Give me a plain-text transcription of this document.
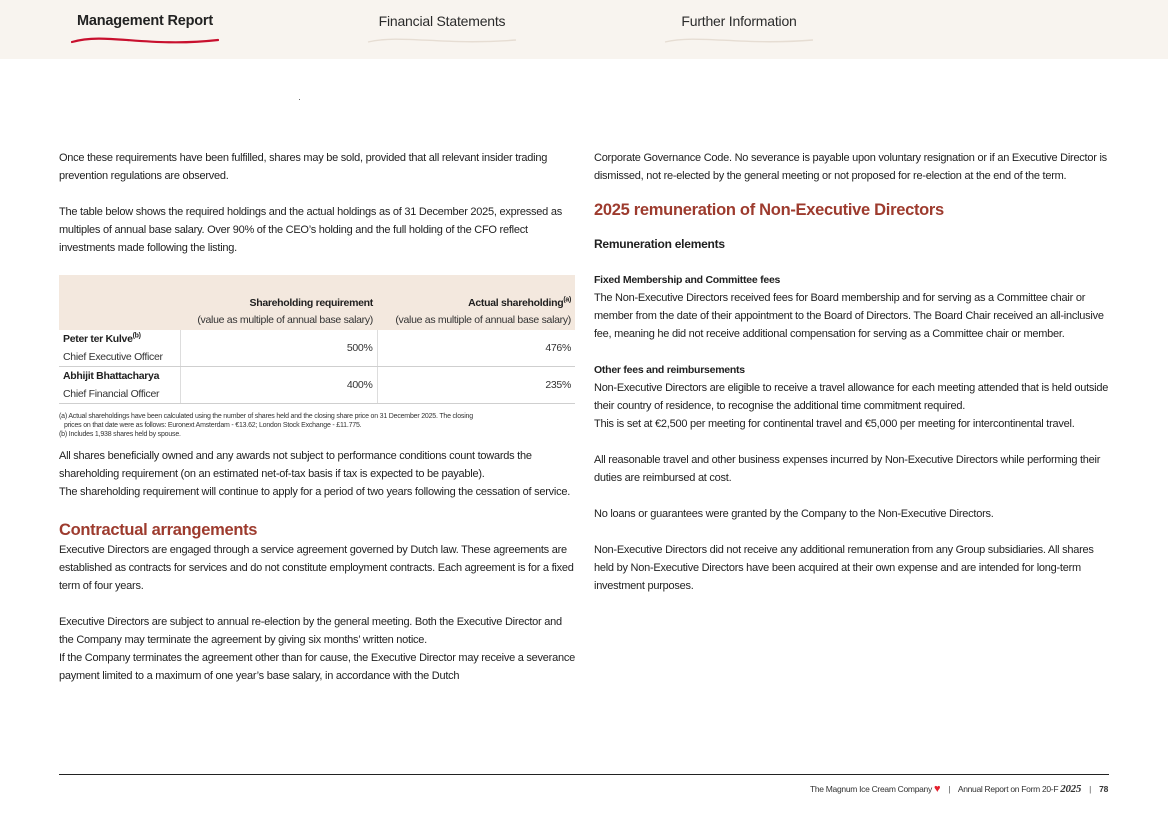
Management Report	Financial Statements	Further Information

Once these requirements have been fulfilled, shares may be sold, provided that all relevant insider trading prevention regulations are observed.

The table below shows the required holdings and the actual holdings as of 31 December 2025, expressed as multiples of annual base salary. Over 90% of the CEO’s holding and the full holding of the CFO reflect investments made following the listing.

	Shareholding requirement	Actual shareholding$^{(a)}$
	(value as multiple of annual base salary)	(value as multiple of annual base salary)

Peter ter Kulve$^{(b)}$
Chief Executive Officer	500%	476%

Abhijit Bhattacharya
Chief Financial Officer	400%	235%
(a) Actual shareholdings have been calculated using the number of shares held and the closing share price on 31 December 2025. The closing
prices on that date were as follows: Euronext Amsterdam - €13.62; London Stock Exchange - £11.775.
(b) Includes 1,938 shares held by spouse.

All shares beneficially owned and any awards not subject to performance conditions count towards the shareholding requirement (on an estimated net-of-tax basis if tax is expected to be payable).

The shareholding requirement will continue to apply for a period of two years following the cessation of service.

Contractual arrangements

Executive Directors are engaged through a service agreement governed by Dutch law. These agreements are established as contracts for services and do not constitute employment contracts. Each agreement is for a fixed term of four years.

Executive Directors are subject to annual re-election by the general meeting. Both the Executive Director and the Company may terminate the agreement by giving six months’ written notice.

If the Company terminates the agreement other than for cause, the Executive Director may receive a severance payment limited to a maximum of one year’s base salary, in accordance with the Dutch

Corporate Governance Code. No severance is payable upon voluntary resignation or if an Executive Director is dismissed, not re-elected by the general meeting or not proposed for re-election at the end of the term.

2025 remuneration of Non-Executive Directors
Remuneration elements
Fixed Membership and Committee fees

The Non-Executive Directors received fees for Board membership and for serving as a Committee chair or member from the date of their appointment to the Board of Directors. The Board Chair received an all-inclusive fee, meaning he did not receive additional compensation for serving as a Committee chair or member.

Other fees and reimbursements

Non-Executive Directors are eligible to receive a travel allowance for each meeting attended that is held outside their country of residence, to recognise the additional time commitment required.

This is set at €2,500 per meeting for continental travel and €5,000 per meeting for intercontinental travel.

All reasonable travel and other business expenses incurred by Non-Executive Directors while performing their duties are reimbursed at cost.

No loans or guarantees were granted by the Company to the Non-Executive Directors.

Non-Executive Directors did not receive any additional remuneration from any Group subsidiaries. All shares held by Non-Executive Directors have been acquired at their own expense and are intended for long-term investment purposes.

The Magnum Ice Cream Company ♥ | Annual Report on Form 20-F 2025 | 78
